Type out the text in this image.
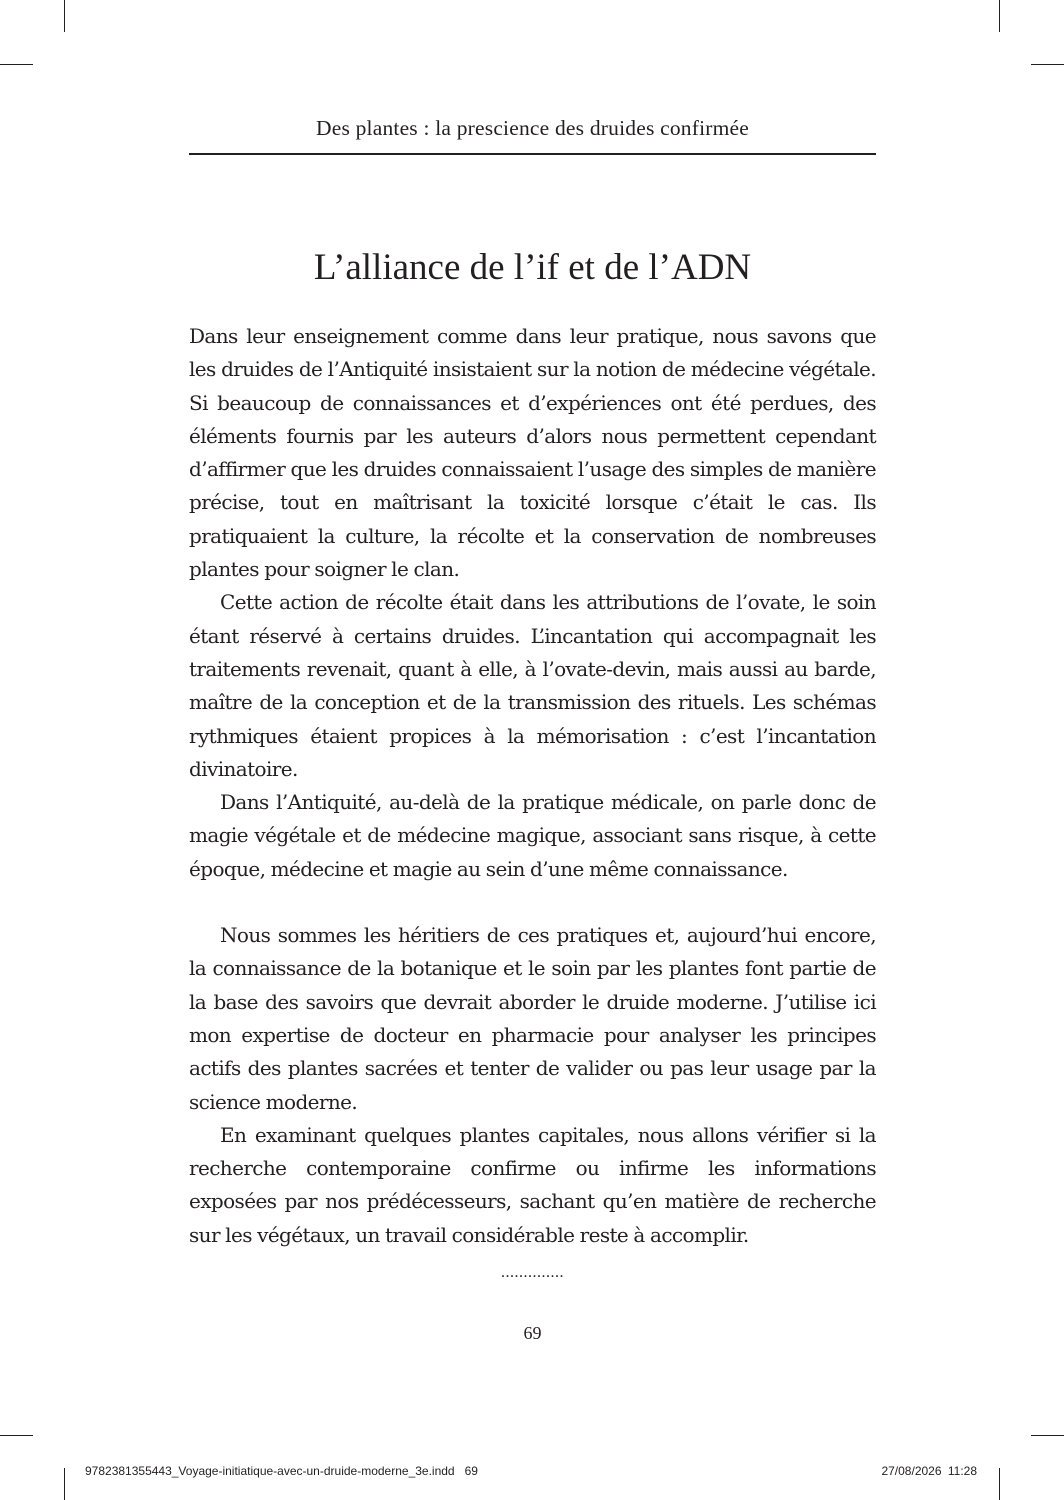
Des plantes : la prescience des druides confirmée
L’alliance de l’if et de l’ADN

Dans leur enseignement comme dans leur pratique, nous savons que les druides de l’Antiquité insistaient sur la notion de médecine végétale. Si beaucoup de connaissances et d’expériences ont été perdues, des éléments fournis par les auteurs d’alors nous permettent cependant d’affirmer que les druides connaissaient l’usage des simples de manière précise, tout en maîtrisant la toxicité lorsque c’était le cas. Ils pratiquaient la culture, la récolte et la conservation de nombreuses plantes pour soigner le clan.

Cette action de récolte était dans les attributions de l’ovate, le soin étant réservé à certains druides. L’incantation qui accompagnait les traitements revenait, quant à elle, à l’ovate-devin, mais aussi au barde, maître de la conception et de la transmission des rituels. Les schémas rythmiques étaient propices à la mémorisation : c’est l’incantation divinatoire.

Dans l’Antiquité, au-delà de la pratique médicale, on parle donc de magie végétale et de médecine magique, associant sans risque, à cette époque, médecine et magie au sein d’une même connaissance.

Nous sommes les héritiers de ces pratiques et, aujourd’hui encore, la connaissance de la botanique et le soin par les plantes font partie de la base des savoirs que devrait aborder le druide moderne. J’utilise ici mon expertise de docteur en pharmacie pour analyser les principes actifs des plantes sacrées et tenter de valider ou pas leur usage par la science moderne.

En examinant quelques plantes capitales, nous allons vérifier si la recherche contemporaine confirme ou infirme les informations exposées par nos prédécesseurs, sachant qu’en matière de recherche sur les végétaux, un travail considérable reste à accomplir.

..............
69
9782381355443_Voyage-initiatique-avec-un-druide-moderne_3e.indd   69	27/08/2026 11:28
